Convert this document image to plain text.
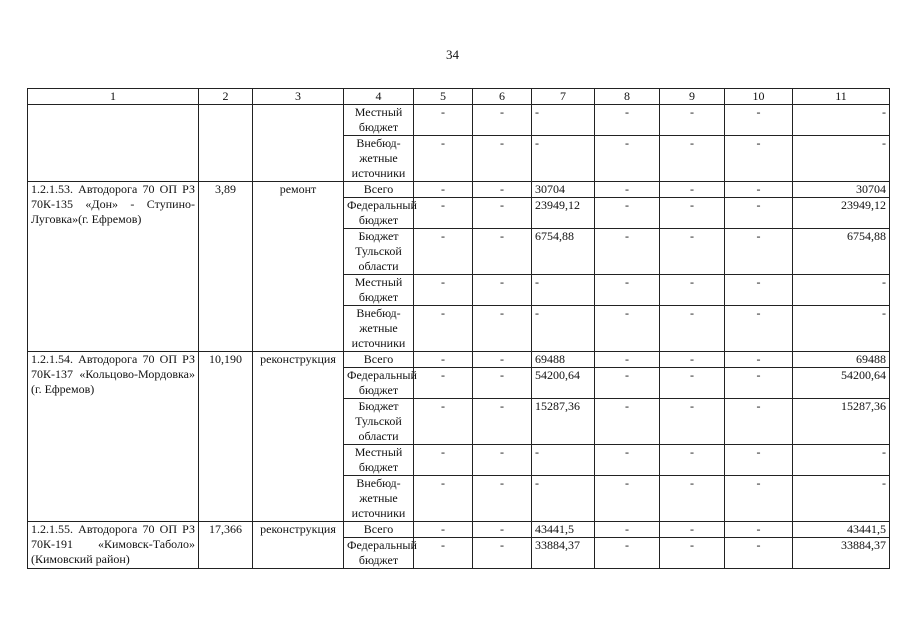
34
1	2	3	4	5	6	7	8	9	10	11
			Местный бюджет	-	-	-	-	-	-	-
			Внебюд-жетные источники	-	-	-	-	-	-	-
1.2.1.53. Автодорога 70 ОП РЗ 70К-135 «Дон» - Ступино-Луговка»(г. Ефремов)	3,89	ремонт	Всего	-	-	30704	-	-	-	30704
			Федеральный бюджет	-	-	23949,12	-	-	-	23949,12
			Бюджет Тульской области	-	-	6754,88	-	-	-	6754,88
			Местный бюджет	-	-	-	-	-	-	-
			Внебюд-жетные источники	-	-	-	-	-	-	-
1.2.1.54. Автодорога 70 ОП РЗ 70К-137 «Кольцово-Мордовка» (г. Ефремов)	10,190	реконструкция	Всего	-	-	69488	-	-	-	69488
			Федеральный бюджет	-	-	54200,64	-	-	-	54200,64
			Бюджет Тульской области	-	-	15287,36	-	-	-	15287,36
			Местный бюджет	-	-	-	-	-	-	-
			Внебюд-жетные источники	-	-	-	-	-	-	-
1.2.1.55. Автодорога 70 ОП РЗ 70К-191 «Кимовск-Таболо» (Кимовский район)	17,366	реконструкция	Всего	-	-	43441,5	-	-	-	43441,5
			Федеральный бюджет	-	-	33884,37	-	-	-	33884,37
